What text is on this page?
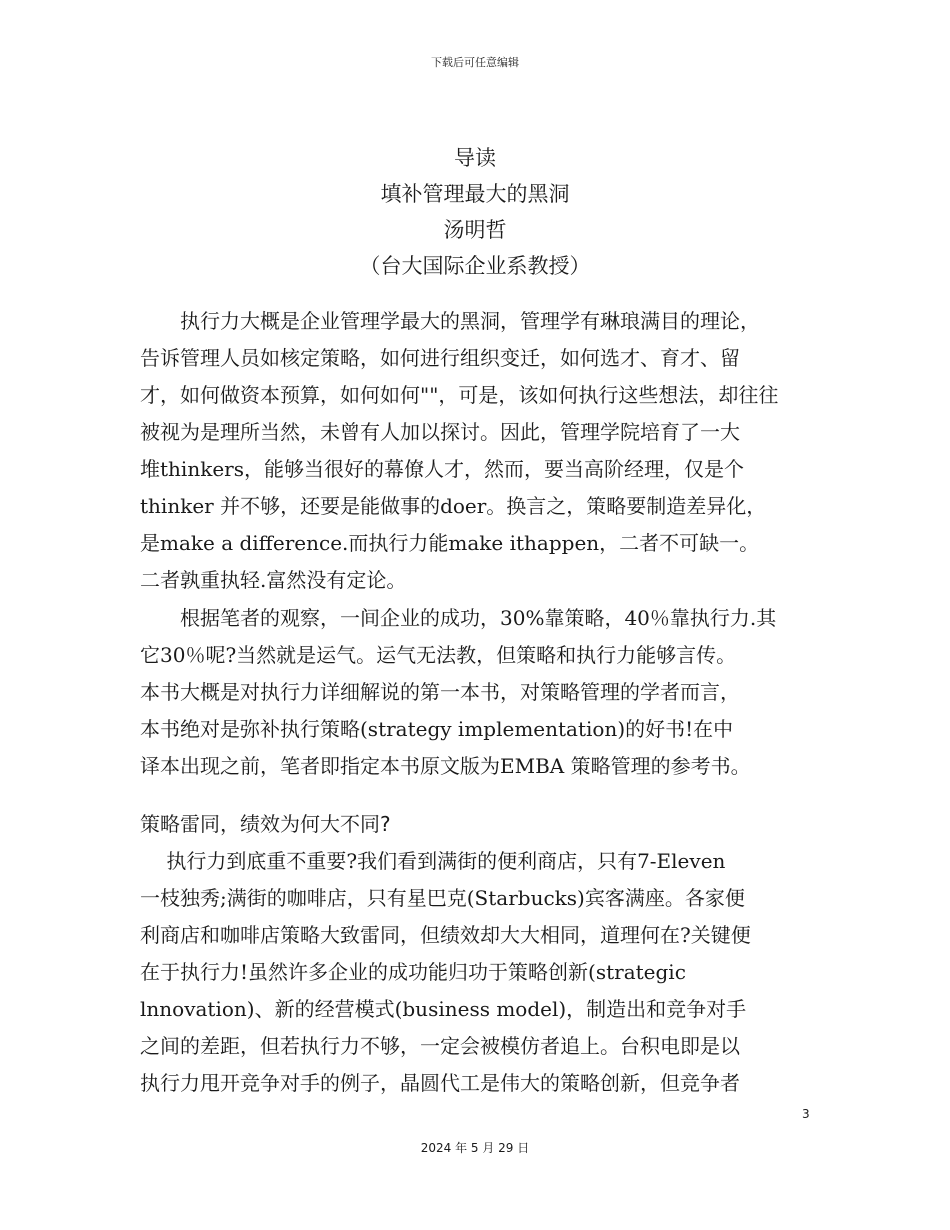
下载后可任意编辑
导读
填补管理最大的黑洞
汤明哲
（台大国际企业系教授）
　　执行力大概是企业管理学最大的黑洞，管理学有琳琅满目的理论，
告诉管理人员如核定策略，如何进行组织变迁，如何选才、育才、留
才，如何做资本预算，如何如何""，可是，该如何执行这些想法，却往往
被视为是理所当然，未曾有人加以探讨。因此，管理学院培育了一大
堆thinkers，能够当很好的幕僚人才，然而，要当高阶经理，仅是个
thinker 并不够，还要是能做事的doer。换言之，策略要制造差异化，
是make a difference.而执行力能make ithappen，二者不可缺一。
二者孰重执轻.富然没有定论。
　　根据笔者的观察，一间企业的成功，30%靠策略，40％靠执行力.其
它30％呢?当然就是运气。运气无法教，但策略和执行力能够言传。
本书大概是对执行力详细解说的第一本书，对策略管理的学者而言，
本书绝对是弥补执行策略(strategy implementation)的好书!在中
译本出现之前，笔者即指定本书原文版为EMBA 策略管理的参考书。
策略雷同，绩效为何大不同?
　 执行力到底重不重要?我们看到满街的便利商店，只有7-Eleven
一枝独秀;满街的咖啡店，只有星巴克(Starbucks)宾客满座。各家便
利商店和咖啡店策略大致雷同，但绩效却大大相同，道理何在?关键便
在于执行力!虽然许多企业的成功能归功于策略创新(strategic
lnnovation)、新的经营模式(business model)，制造出和竞争对手
之间的差距，但若执行力不够，一定会被模仿者追上。台积电即是以
执行力甩开竞争对手的例子，晶圆代工是伟大的策略创新，但竞争者
3
2024 年 5 月 29 日
